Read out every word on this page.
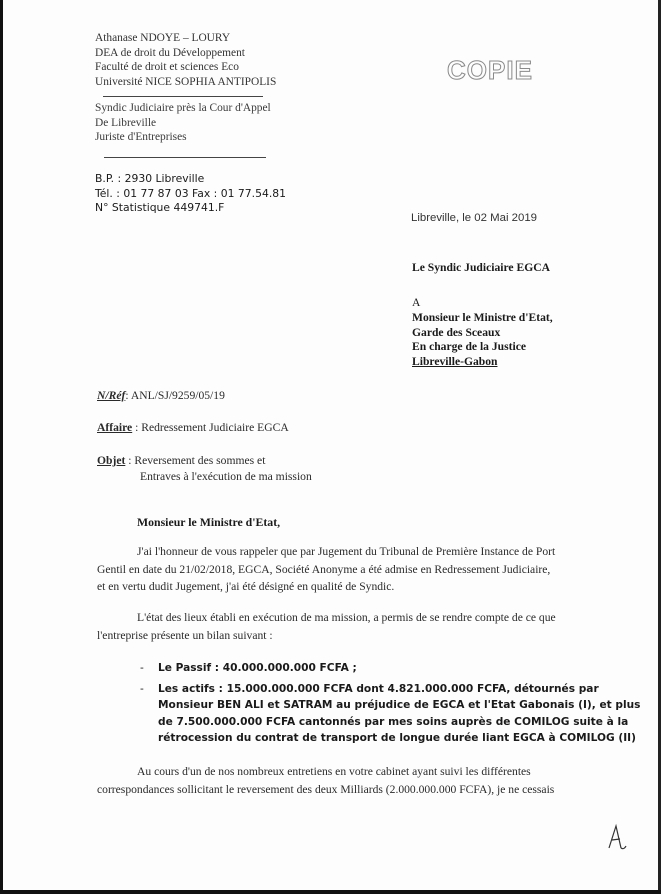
Athanase NDOYE – LOURY
DEA de droit du Développement
Faculté de droit et sciences Eco
Université NICE SOPHIA ANTIPOLIS
Syndic Judiciaire près la Cour d'Appel
De Libreville
Juriste d'Entreprises
B.P. : 2930 Libreville
Tél. : 01 77 87 03 Fax : 01 77.54.81
N° Statistique 449741.F
COPIE
Libreville, le 02 Mai 2019
Le Syndic Judiciaire EGCA
A
Monsieur le Ministre d'Etat,
Garde des Sceaux
En charge de la Justice
Libreville-Gabon
N/Réf: ANL/SJ/9259/05/19
Affaire : Redressement Judiciaire EGCA
Objet : Reversement des sommes et
Entraves à l'exécution de ma mission
Monsieur le Ministre d'Etat,
J'ai l'honneur de vous rappeler que par Jugement du Tribunal de Première Instance de Port
Gentil en date du 21/02/2018, EGCA, Société Anonyme a été admise en Redressement Judiciaire,
et en vertu dudit Jugement, j'ai été désigné en qualité de Syndic.
L'état des lieux établi en exécution de ma mission, a permis de se rendre compte de ce que
l'entreprise présente un bilan suivant :
- Le Passif : 40.000.000.000 FCFA ;
- Les actifs : 15.000.000.000 FCFA dont 4.821.000.000 FCFA, détournés par
Monsieur BEN ALI et SATRAM au préjudice de EGCA et l'Etat Gabonais (I), et plus
de 7.500.000.000 FCFA cantonnés par mes soins auprès de COMILOG suite à la
rétrocession du contrat de transport de longue durée liant EGCA à COMILOG (II)
Au cours d'un de nos nombreux entretiens en votre cabinet ayant suivi les différentes
correspondances sollicitant le reversement des deux Milliards (2.000.000.000 FCFA), je ne cessais
